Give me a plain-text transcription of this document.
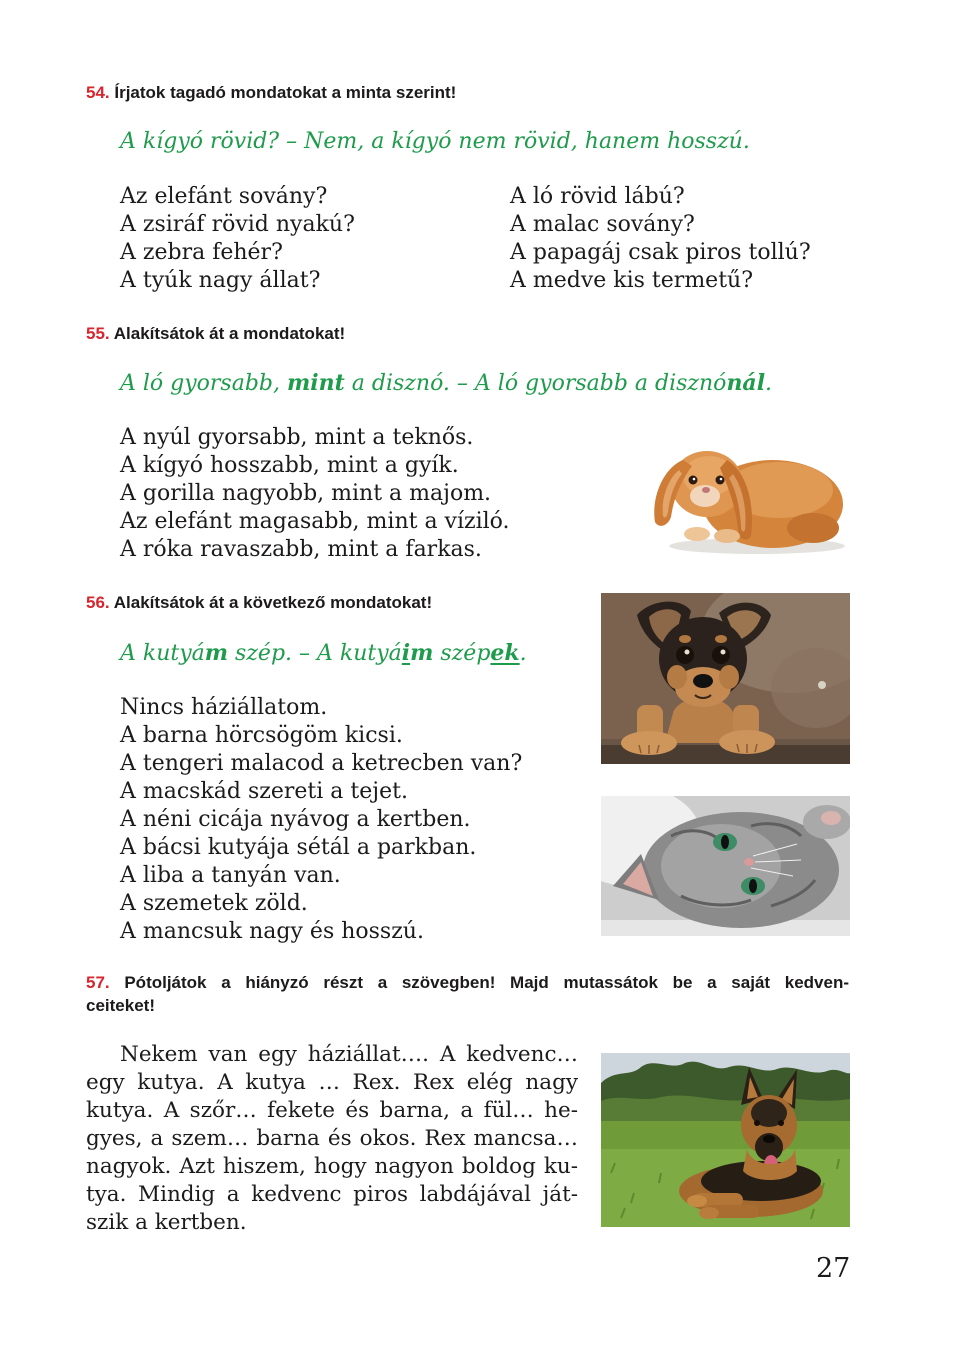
54. Írjatok tagadó mondatokat a minta szerint!
A kígyó rövid? – Nem, a kígyó nem rövid, hanem hosszú.
Az elefánt sovány?
A zsiráf rövid nyakú?
A zebra fehér?
A tyúk nagy állat?
A ló rövid lábú?
A malac sovány?
A papagáj csak piros tollú?
A medve kis termetű?
55. Alakítsátok át a mondatokat!
A ló gyorsabb, mint a disznó. – A ló gyorsabb a disznónál.
A nyúl gyorsabb, mint a teknős.
A kígyó hosszabb, mint a gyík.
A gorilla nagyobb, mint a majom.
Az elefánt magasabb, mint a víziló.
A róka ravaszabb, mint a farkas.
56. Alakítsátok át a következő mondatokat!
A kutyám szép. – A kutyáim szépek.
Nincs háziállatom.
A barna hörcsögöm kicsi.
A tengeri malacod a ketrecben van?
A macskád szereti a tejet.
A néni cicája nyávog a kertben.
A bácsi kutyája sétál a parkban.
A liba a tanyán van.
A szemetek zöld.
A mancsuk nagy és hosszú.
57. Pótoljátok a hiányzó részt a szövegben! Majd mutassátok be a saját kedven-
ceiteket!
Nekem van egy háziállat…. A kedvenc…
egy kutya. A kutya … Rex. Rex elég nagy
kutya. A szőr… fekete és barna, a fül… he-
gyes, a szem… barna és okos. Rex mancsa…
nagyok. Azt hiszem, hogy nagyon boldog ku-
tya. Mindig a kedvenc piros labdájával ját-
szik a kertben.
27
